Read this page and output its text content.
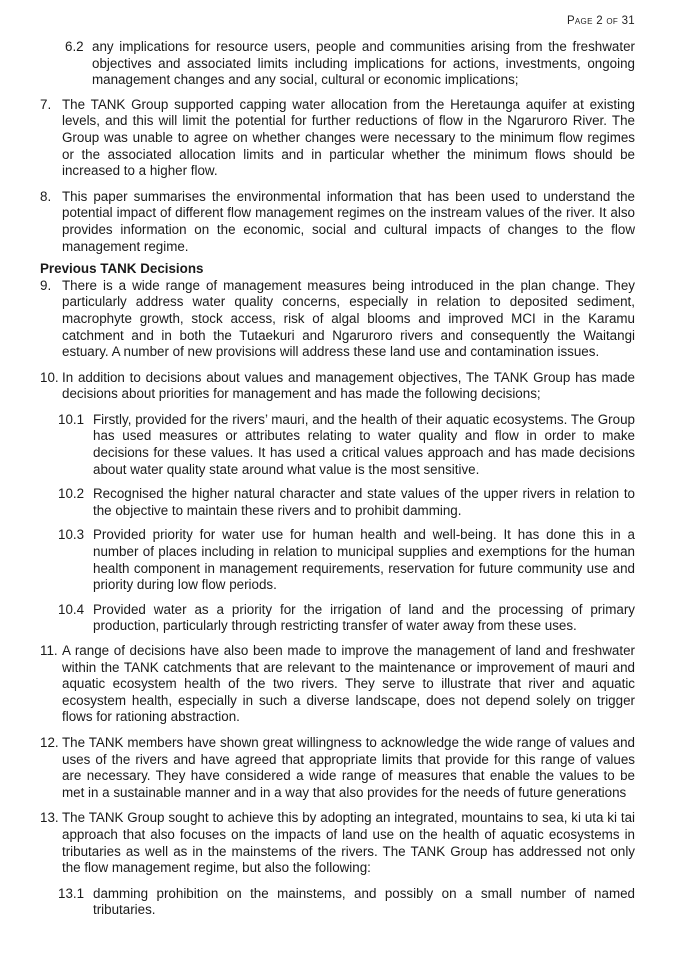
Page 2 of 31
6.2 any implications for resource users, people and communities arising from the freshwater objectives and associated limits including implications for actions, investments, ongoing management changes and any social, cultural or economic implications;
7. The TANK Group supported capping water allocation from the Heretaunga aquifer at existing levels, and this will limit the potential for further reductions of flow in the Ngaruroro River. The Group was unable to agree on whether changes were necessary to the minimum flow regimes or the associated allocation limits and in particular whether the minimum flows should be increased to a higher flow.
8. This paper summarises the environmental information that has been used to understand the potential impact of different flow management regimes on the instream values of the river. It also provides information on the economic, social and cultural impacts of changes to the flow management regime.
Previous TANK Decisions
9. There is a wide range of management measures being introduced in the plan change. They particularly address water quality concerns, especially in relation to deposited sediment, macrophyte growth, stock access, risk of algal blooms and improved MCI in the Karamu catchment and in both the Tutaekuri and Ngaruroro rivers and consequently the Waitangi estuary. A number of new provisions will address these land use and contamination issues.
10. In addition to decisions about values and management objectives, The TANK Group has made decisions about priorities for management and has made the following decisions;
10.1 Firstly, provided for the rivers’ mauri, and the health of their aquatic ecosystems. The Group has used measures or attributes relating to water quality and flow in order to make decisions for these values. It has used a critical values approach and has made decisions about water quality state around what value is the most sensitive.
10.2 Recognised the higher natural character and state values of the upper rivers in relation to the objective to maintain these rivers and to prohibit damming.
10.3 Provided priority for water use for human health and well-being. It has done this in a number of places including in relation to municipal supplies and exemptions for the human health component in management requirements, reservation for future community use and priority during low flow periods.
10.4 Provided water as a priority for the irrigation of land and the processing of primary production, particularly through restricting transfer of water away from these uses.
11. A range of decisions have also been made to improve the management of land and freshwater within the TANK catchments that are relevant to the maintenance or improvement of mauri and aquatic ecosystem health of the two rivers. They serve to illustrate that river and aquatic ecosystem health, especially in such a diverse landscape, does not depend solely on trigger flows for rationing abstraction.
12. The TANK members have shown great willingness to acknowledge the wide range of values and uses of the rivers and have agreed that appropriate limits that provide for this range of values are necessary. They have considered a wide range of measures that enable the values to be met in a sustainable manner and in a way that also provides for the needs of future generations
13. The TANK Group sought to achieve this by adopting an integrated, mountains to sea, ki uta ki tai approach that also focuses on the impacts of land use on the health of aquatic ecosystems in tributaries as well as in the mainstems of the rivers. The TANK Group has addressed not only the flow management regime, but also the following:
13.1 damming prohibition on the mainstems, and possibly on a small number of named tributaries.
